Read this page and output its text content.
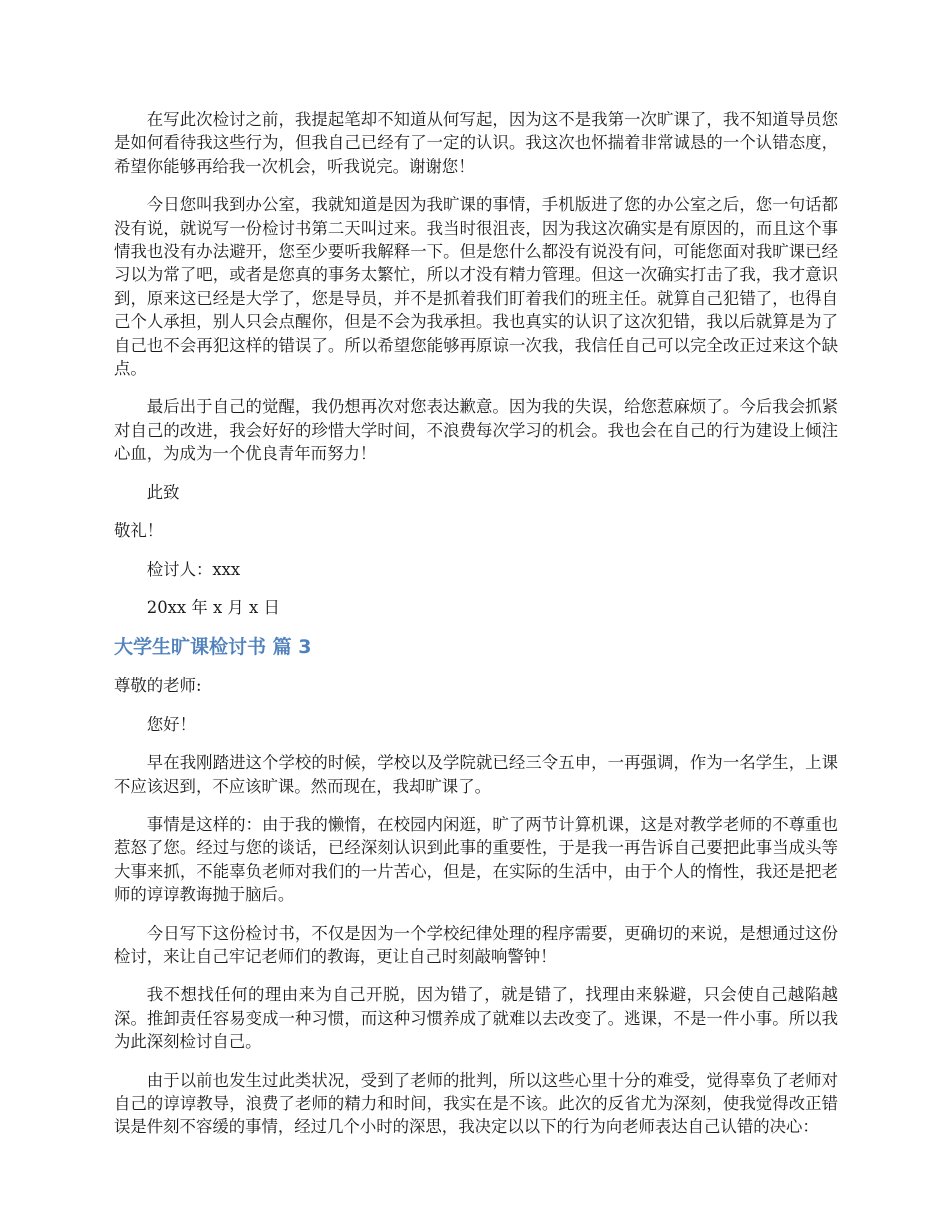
在写此次检讨之前，我提起笔却不知道从何写起，因为这不是我第一次旷课了，我不知道导员您是如何看待我这些行为，但我自己已经有了一定的认识。我这次也怀揣着非常诚恳的一个认错态度，希望你能够再给我一次机会，听我说完。谢谢您！

今日您叫我到办公室，我就知道是因为我旷课的事情，手机版进了您的办公室之后，您一句话都没有说，就说写一份检讨书第二天叫过来。我当时很沮丧，因为我这次确实是有原因的，而且这个事情我也没有办法避开，您至少要听我解释一下。但是您什么都没有说没有问，可能您面对我旷课已经习以为常了吧，或者是您真的事务太繁忙，所以才没有精力管理。但这一次确实打击了我，我才意识到，原来这已经是大学了，您是导员，并不是抓着我们盯着我们的班主任。就算自己犯错了，也得自己个人承担，别人只会点醒你，但是不会为我承担。我也真实的认识了这次犯错，我以后就算是为了自己也不会再犯这样的错误了。所以希望您能够再原谅一次我，我信任自己可以完全改正过来这个缺点。

最后出于自己的觉醒，我仍想再次对您表达歉意。因为我的失误，给您惹麻烦了。今后我会抓紧对自己的改进，我会好好的珍惜大学时间，不浪费每次学习的机会。我也会在自己的行为建设上倾注心血，为成为一个优良青年而努力！

此致

敬礼！

检讨人：xxx

20xx 年 x 月 x 日

大学生旷课检讨书 篇 3

尊敬的老师:

您好！

早在我刚踏进这个学校的时候，学校以及学院就已经三令五申，一再强调，作为一名学生，上课不应该迟到，不应该旷课。然而现在，我却旷课了。

事情是这样的：由于我的懒惰，在校园内闲逛，旷了两节计算机课，这是对教学老师的不尊重也惹怒了您。经过与您的谈话，已经深刻认识到此事的重要性，于是我一再告诉自己要把此事当成头等大事来抓，不能辜负老师对我们的一片苦心，但是，在实际的生活中，由于个人的惰性，我还是把老师的谆谆教诲抛于脑后。

今日写下这份检讨书，不仅是因为一个学校纪律处理的程序需要，更确切的来说，是想通过这份检讨，来让自己牢记老师们的教诲，更让自己时刻敲响警钟！

我不想找任何的理由来为自己开脱，因为错了，就是错了，找理由来躲避，只会使自己越陷越深。推卸责任容易变成一种习惯，而这种习惯养成了就难以去改变了。逃课，不是一件小事。所以我为此深刻检讨自己。

由于以前也发生过此类状况，受到了老师的批判，所以这些心里十分的难受，觉得辜负了老师对自己的谆谆教导，浪费了老师的精力和时间，我实在是不该。此次的反省尤为深刻，使我觉得改正错误是件刻不容缓的事情，经过几个小时的深思，我决定以以下的行为向老师表达自己认错的决心：
